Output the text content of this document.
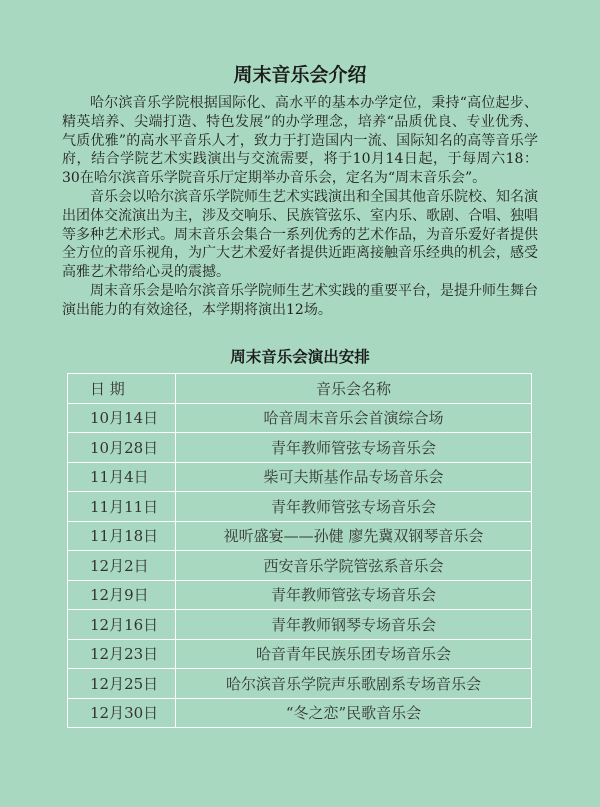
周末音乐会介绍

哈尔滨音乐学院根据国际化、高水平的基本办学定位，秉持“高位起步、精英培养、尖端打造、特色发展”的办学理念，培养“品质优良、专业优秀、气质优雅”的高水平音乐人才，致力于打造国内一流、国际知名的高等音乐学府，结合学院艺术实践演出与交流需要，将于10月14日起，于每周六18：30在哈尔滨音乐学院音乐厅定期举办音乐会，定名为“周末音乐会”。

音乐会以哈尔滨音乐学院师生艺术实践演出和全国其他音乐院校、知名演出团体交流演出为主，涉及交响乐、民族管弦乐、室内乐、歌剧、合唱、独唱等多种艺术形式。周末音乐会集合一系列优秀的艺术作品，为音乐爱好者提供全方位的音乐视角，为广大艺术爱好者提供近距离接触音乐经典的机会，感受高雅艺术带给心灵的震撼。

周末音乐会是哈尔滨音乐学院师生艺术实践的重要平台，是提升师生舞台演出能力的有效途径，本学期将演出12场。

周末音乐会演出安排
日 期	音乐会名称
10月14日	哈音周末音乐会首演综合场
10月28日	青年教师管弦专场音乐会
11月4日	柴可夫斯基作品专场音乐会
11月11日	青年教师管弦专场音乐会
11月18日	视听盛宴——孙健 廖先冀双钢琴音乐会
12月2日	西安音乐学院管弦系音乐会
12月9日	青年教师管弦专场音乐会
12月16日	青年教师钢琴专场音乐会
12月23日	哈音青年民族乐团专场音乐会
12月25日	哈尔滨音乐学院声乐歌剧系专场音乐会
12月30日	“冬之恋”民歌音乐会
